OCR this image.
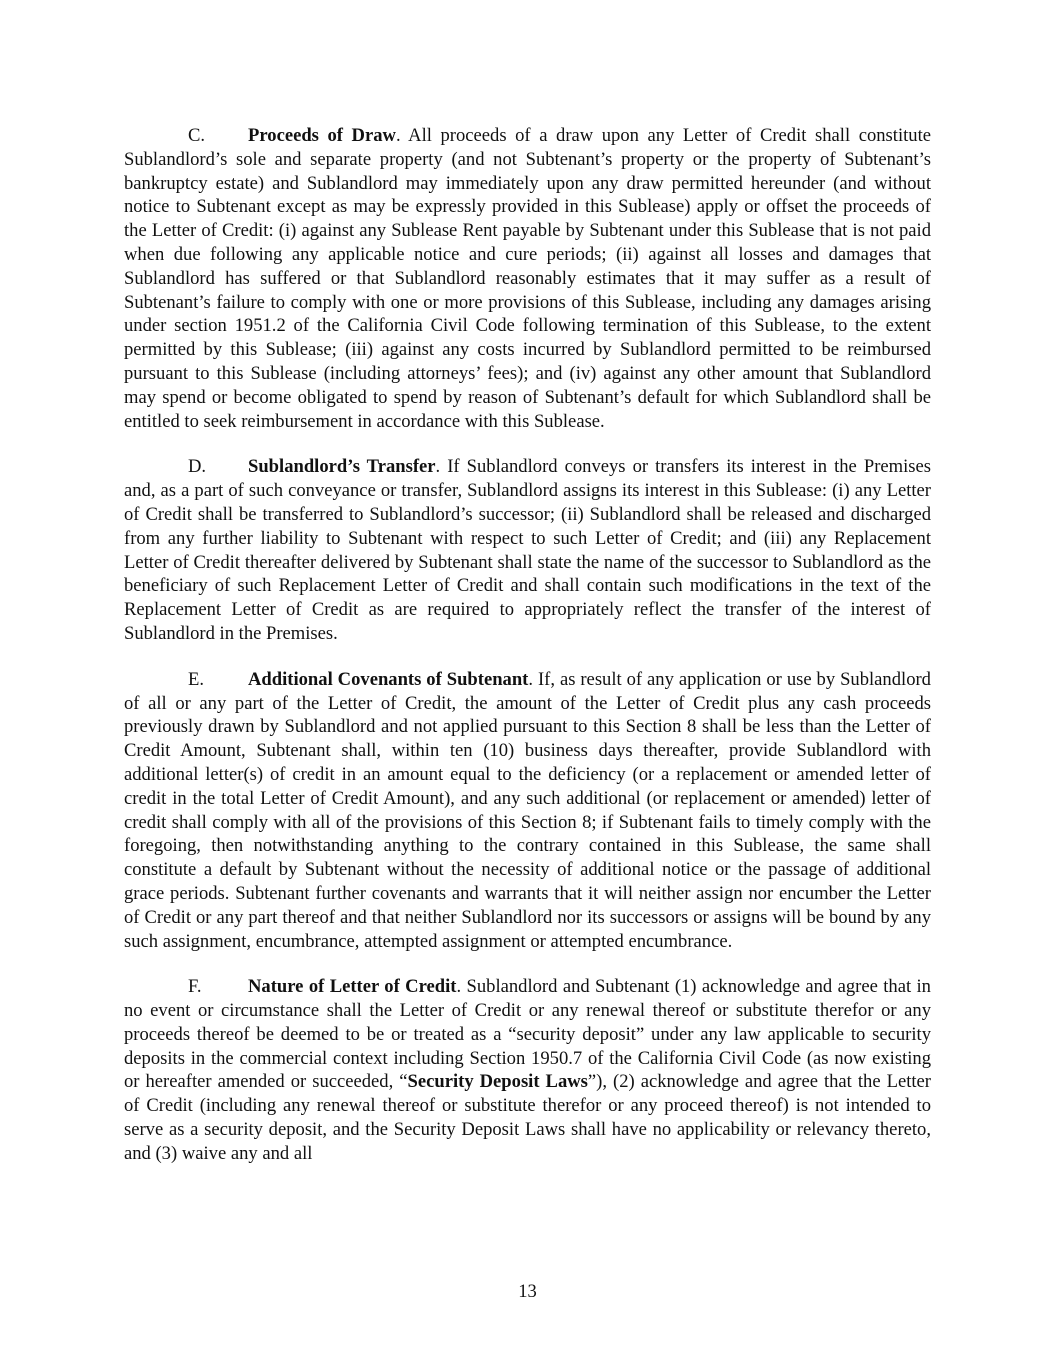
C. Proceeds of Draw. All proceeds of a draw upon any Letter of Credit shall constitute Sublandlord’s sole and separate property (and not Subtenant’s property or the property of Subtenant’s bankruptcy estate) and Sublandlord may immediately upon any draw permitted hereunder (and without notice to Subtenant except as may be expressly provided in this Sublease) apply or offset the proceeds of the Letter of Credit: (i) against any Sublease Rent payable by Subtenant under this Sublease that is not paid when due following any applicable notice and cure periods; (ii) against all losses and damages that Sublandlord has suffered or that Sublandlord reasonably estimates that it may suffer as a result of Subtenant’s failure to comply with one or more provisions of this Sublease, including any damages arising under section 1951.2 of the California Civil Code following termination of this Sublease, to the extent permitted by this Sublease; (iii) against any costs incurred by Sublandlord permitted to be reimbursed pursuant to this Sublease (including attorneys’ fees); and (iv) against any other amount that Sublandlord may spend or become obligated to spend by reason of Subtenant’s default for which Sublandlord shall be entitled to seek reimbursement in accordance with this Sublease.

D. Sublandlord’s Transfer. If Sublandlord conveys or transfers its interest in the Premises and, as a part of such conveyance or transfer, Sublandlord assigns its interest in this Sublease: (i) any Letter of Credit shall be transferred to Sublandlord’s successor; (ii) Sublandlord shall be released and discharged from any further liability to Subtenant with respect to such Letter of Credit; and (iii) any Replacement Letter of Credit thereafter delivered by Subtenant shall state the name of the successor to Sublandlord as the beneficiary of such Replacement Letter of Credit and shall contain such modifications in the text of the Replacement Letter of Credit as are required to appropriately reflect the transfer of the interest of Sublandlord in the Premises.

E. Additional Covenants of Subtenant. If, as result of any application or use by Sublandlord of all or any part of the Letter of Credit, the amount of the Letter of Credit plus any cash proceeds previously drawn by Sublandlord and not applied pursuant to this Section 8 shall be less than the Letter of Credit Amount, Subtenant shall, within ten (10) business days thereafter, provide Sublandlord with additional letter(s) of credit in an amount equal to the deficiency (or a replacement or amended letter of credit in the total Letter of Credit Amount), and any such additional (or replacement or amended) letter of credit shall comply with all of the provisions of this Section 8; if Subtenant fails to timely comply with the foregoing, then notwithstanding anything to the contrary contained in this Sublease, the same shall constitute a default by Subtenant without the necessity of additional notice or the passage of additional grace periods. Subtenant further covenants and warrants that it will neither assign nor encumber the Letter of Credit or any part thereof and that neither Sublandlord nor its successors or assigns will be bound by any such assignment, encumbrance, attempted assignment or attempted encumbrance.

F.	Nature of Letter of Credit. Sublandlord and Subtenant (1) acknowledge and agree that in no event or circumstance shall the Letter of Credit or any renewal thereof or substitute therefor or any proceeds thereof be deemed to be or treated as a “security deposit” under any law applicable to security deposits in the commercial context including Section 1950.7 of the California Civil Code (as now existing or hereafter amended or succeeded, “Security Deposit Laws”), (2) acknowledge and agree that the Letter of Credit (including any renewal thereof or substitute therefor or any proceed thereof) is not intended to serve as a security deposit, and the Security Deposit Laws shall have no applicability or relevancy thereto, and (3) waive any and all

13
